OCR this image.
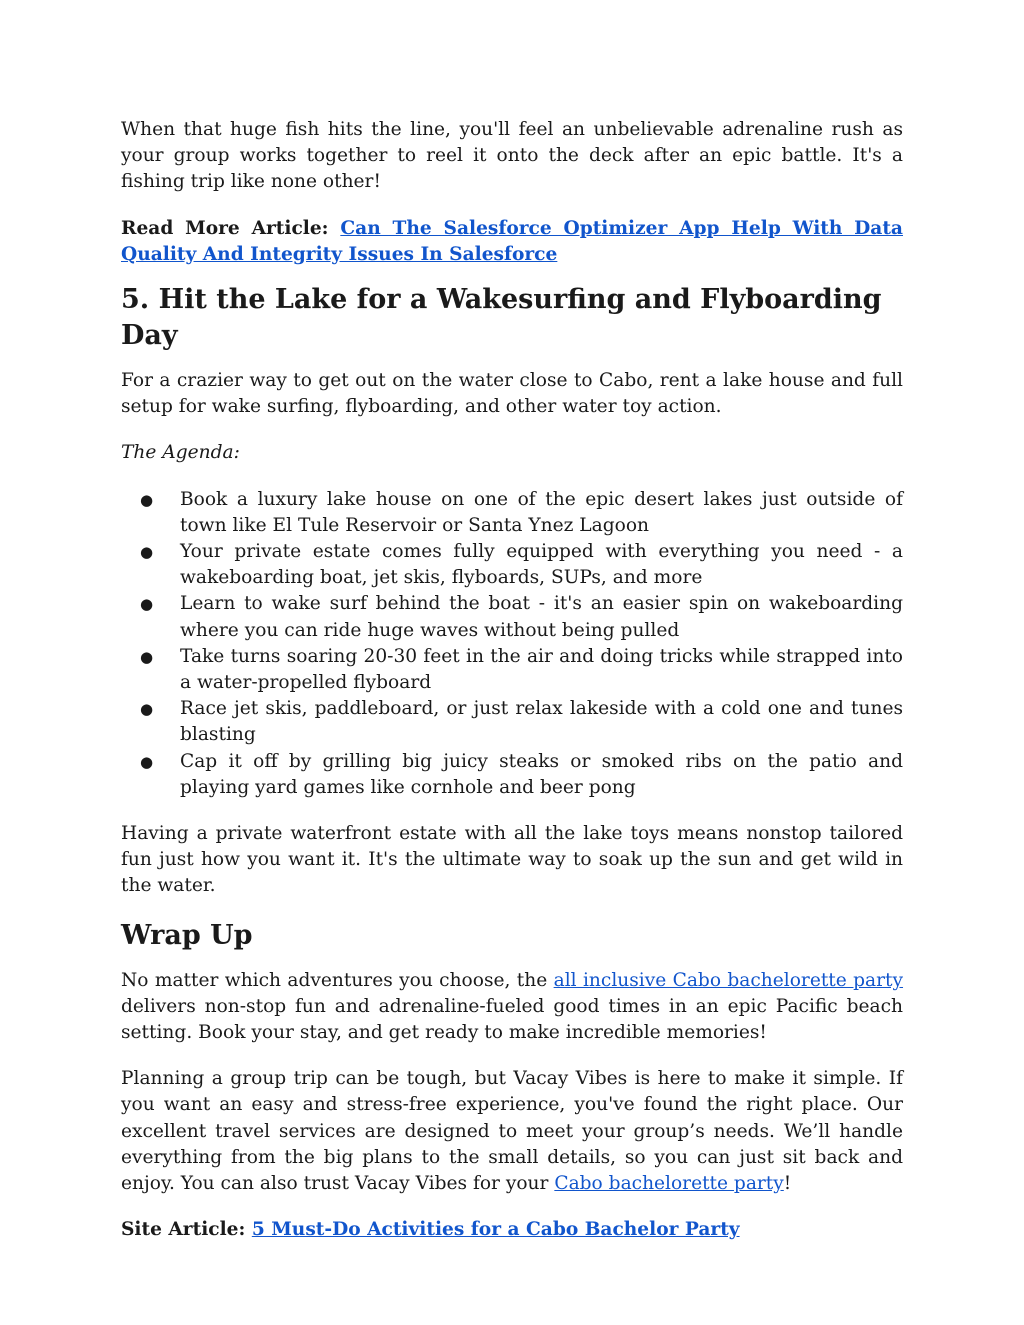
When that huge fish hits the line, you'll feel an unbelievable adrenaline rush as your group works together to reel it onto the deck after an epic battle. It's a fishing trip like none other!

Read More Article: Can The Salesforce Optimizer App Help With Data Quality And Integrity Issues In Salesforce

5. Hit the Lake for a Wakesurfing and Flyboarding Day

For a crazier way to get out on the water close to Cabo, rent a lake house and full setup for wake surfing, flyboarding, and other water toy action.

The Agenda:

● Book a luxury lake house on one of the epic desert lakes just outside of town like El Tule Reservoir or Santa Ynez Lagoon
● Your private estate comes fully equipped with everything you need - a wakeboarding boat, jet skis, flyboards, SUPs, and more
● Learn to wake surf behind the boat - it's an easier spin on wakeboarding where you can ride huge waves without being pulled
● Take turns soaring 20-30 feet in the air and doing tricks while strapped into a water-propelled flyboard
● Race jet skis, paddleboard, or just relax lakeside with a cold one and tunes blasting
● Cap it off by grilling big juicy steaks or smoked ribs on the patio and playing yard games like cornhole and beer pong

Having a private waterfront estate with all the lake toys means nonstop tailored fun just how you want it. It's the ultimate way to soak up the sun and get wild in the water.

Wrap Up

No matter which adventures you choose, the all inclusive Cabo bachelorette party delivers non-stop fun and adrenaline-fueled good times in an epic Pacific beach setting. Book your stay, and get ready to make incredible memories!

Planning a group trip can be tough, but Vacay Vibes is here to make it simple. If you want an easy and stress-free experience, you've found the right place. Our excellent travel services are designed to meet your group’s needs. We’ll handle everything from the big plans to the small details, so you can just sit back and enjoy. You can also trust Vacay Vibes for your Cabo bachelorette party!

Site Article: 5 Must-Do Activities for a Cabo Bachelor Party
